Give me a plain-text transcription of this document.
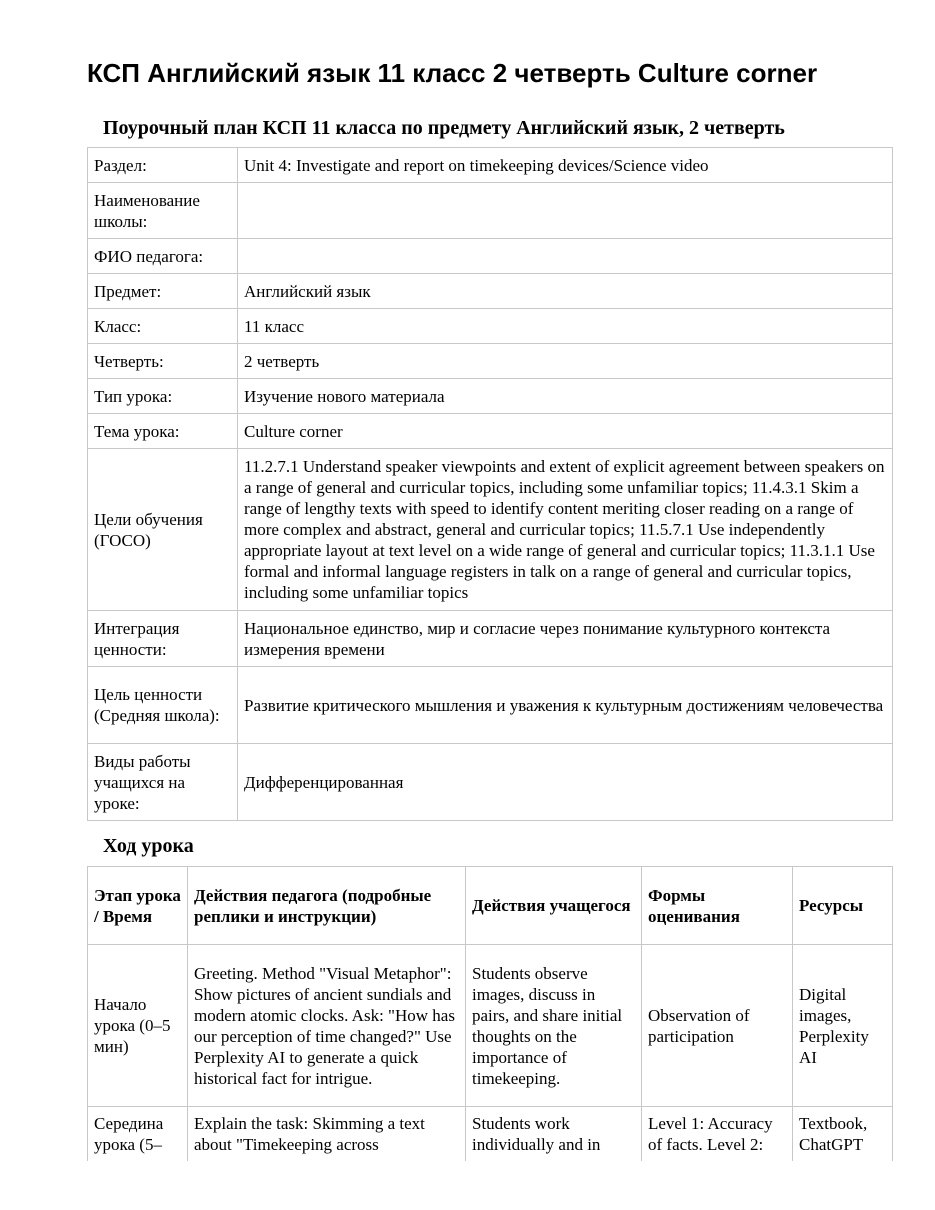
КСП Английский язык 11 класс 2 четверть Culture corner
Поурочный план КСП 11 класса по предмету Английский язык, 2 четверть
Раздел:	Unit 4: Investigate and report on timekeeping devices/Science video
Наименование школы:	
ФИО педагога:	
Предмет:	Английский язык
Класс:	11 класс
Четверть:	2 четверть
Тип урока:	Изучение нового материала
Тема урока:	Culture corner
Цели обучения (ГОСО)	11.2.7.1 Understand speaker viewpoints and extent of explicit agreement between speakers on a range of general and curricular topics, including some unfamiliar topics; 11.4.3.1 Skim a range of lengthy texts with speed to identify content meriting closer reading on a range of more complex and abstract, general and curricular topics; 11.5.7.1 Use independently appropriate layout at text level on a wide range of general and curricular topics; 11.3.1.1 Use formal and informal language registers in talk on a range of general and curricular topics, including some unfamiliar topics
Интеграция ценности:	Национальное единство, мир и согласие через понимание культурного контекста измерения времени
Цель ценности (Средняя школа):	Развитие критического мышления и уважения к культурным достижениям человечества
Виды работы учащихся на уроке:	Дифференцированная
Ход урока
Этап урока / Время	Действия педагога (подробные реплики и инструкции)	Действия учащегося	Формы оценивания	Ресурсы
Начало урока (0–5 мин)	Greeting. Method "Visual Metaphor": Show pictures of ancient sundials and modern atomic clocks. Ask: "How has our perception of time changed?" Use Perplexity AI to generate a quick historical fact for intrigue.	Students observe images, discuss in pairs, and share initial thoughts on the importance of timekeeping.	Observation of participation	Digital images, Perplexity AI
Середина урока (5–	Explain the task: Skimming a text about "Timekeeping across	Students work individually and in	Level 1: Accuracy of facts. Level 2:	Textbook, ChatGPT
